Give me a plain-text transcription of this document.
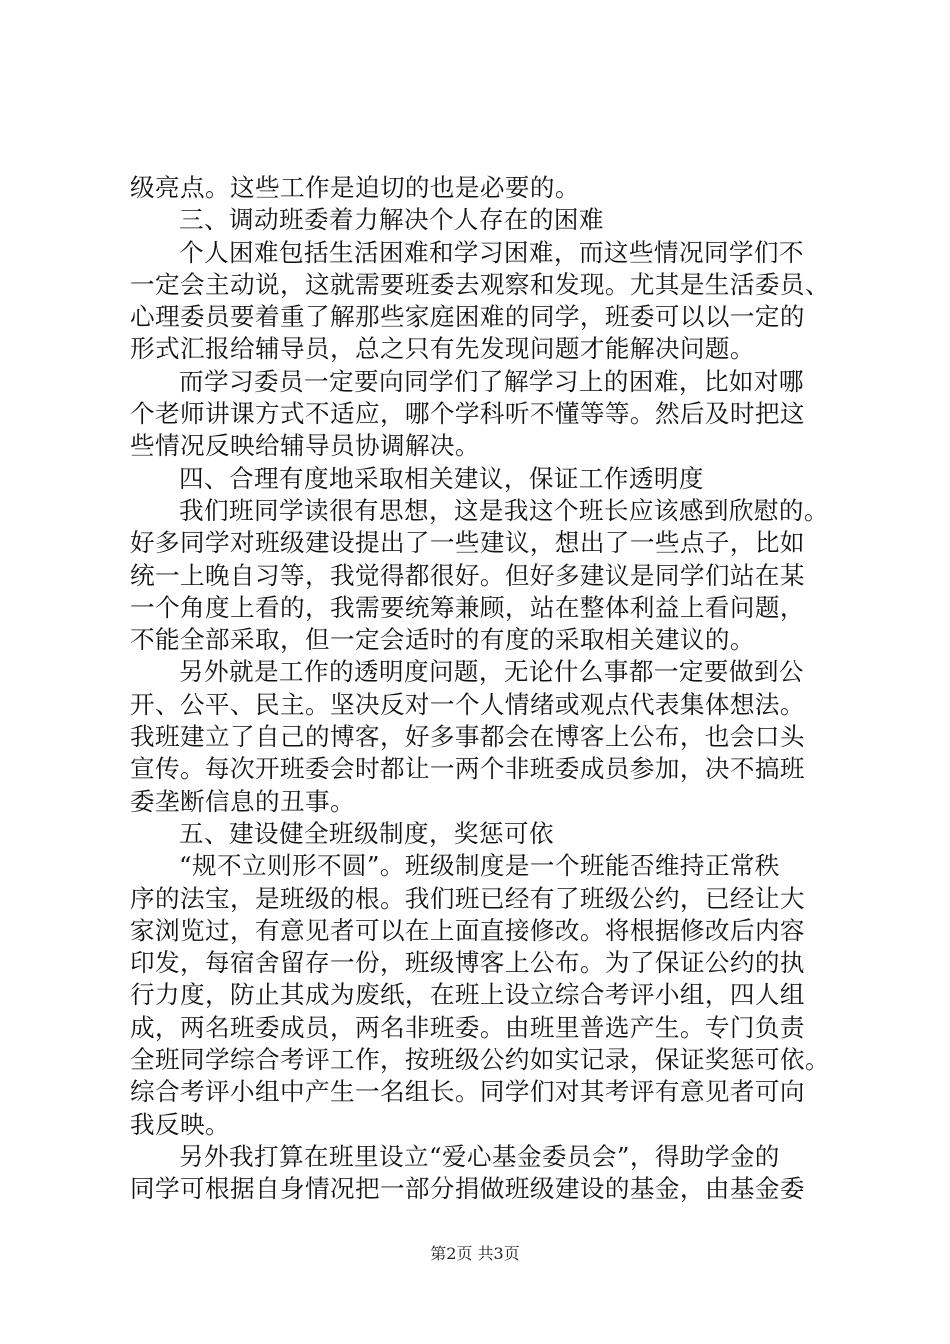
级亮点。这些工作是迫切的也是必要的。
三、调动班委着力解决个人存在的困难
个人困难包括生活困难和学习困难，而这些情况同学们不
一定会主动说，这就需要班委去观察和发现。尤其是生活委员、
心理委员要着重了解那些家庭困难的同学，班委可以以一定的
形式汇报给辅导员，总之只有先发现问题才能解决问题。
而学习委员一定要向同学们了解学习上的困难，比如对哪
个老师讲课方式不适应，哪个学科听不懂等等。然后及时把这
些情况反映给辅导员协调解决。
四、合理有度地采取相关建议，保证工作透明度
我们班同学读很有思想，这是我这个班长应该感到欣慰的。
好多同学对班级建设提出了一些建议，想出了一些点子，比如
统一上晚自习等，我觉得都很好。但好多建议是同学们站在某
一个角度上看的，我需要统筹兼顾，站在整体利益上看问题，
不能全部采取，但一定会适时的有度的采取相关建议的。
另外就是工作的透明度问题，无论什么事都一定要做到公
开、公平、民主。坚决反对一个人情绪或观点代表集体想法。
我班建立了自己的博客，好多事都会在博客上公布，也会口头
宣传。每次开班委会时都让一两个非班委成员参加，决不搞班
委垄断信息的丑事。
五、建设健全班级制度，奖惩可依
“规不立则形不圆”。班级制度是一个班能否维持正常秩
序的法宝，是班级的根。我们班已经有了班级公约，已经让大
家浏览过，有意见者可以在上面直接修改。将根据修改后内容
印发，每宿舍留存一份，班级博客上公布。为了保证公约的执
行力度，防止其成为废纸，在班上设立综合考评小组，四人组
成，两名班委成员，两名非班委。由班里普选产生。专门负责
全班同学综合考评工作，按班级公约如实记录，保证奖惩可依。
综合考评小组中产生一名组长。同学们对其考评有意见者可向
我反映。
另外我打算在班里设立“爱心基金委员会”，得助学金的
同学可根据自身情况把一部分捐做班级建设的基金，由基金委
第2页 共3页
